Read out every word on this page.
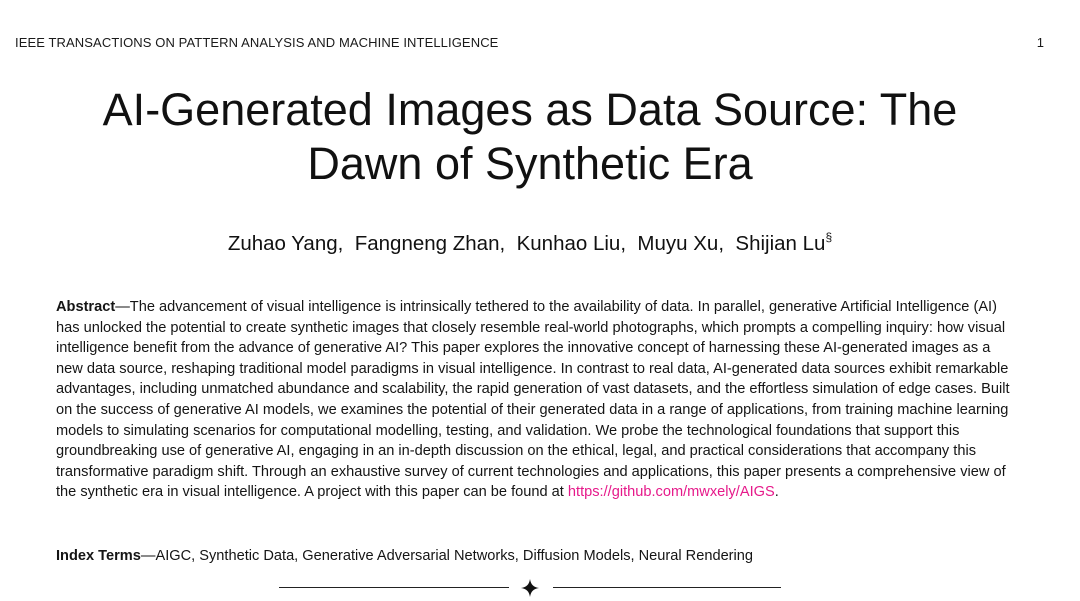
IEEE TRANSACTIONS ON PATTERN ANALYSIS AND MACHINE INTELLIGENCE	1
AI-Generated Images as Data Source: The
Dawn of Synthetic Era
Zuhao Yang,  Fangneng Zhan,  Kunhao Liu,  Muyu Xu,  Shijian Lu§

Abstract—The advancement of visual intelligence is intrinsically tethered to the availability of data. In parallel, generative Artificial Intelligence (AI) has unlocked the potential to create synthetic images that closely resemble real-world photographs, which prompts a compelling inquiry: how visual intelligence benefit from the advance of generative AI? This paper explores the innovative concept of harnessing these AI-generated images as a new data source, reshaping traditional model paradigms in visual intelligence. In contrast to real data, AI-generated data sources exhibit remarkable advantages, including unmatched abundance and scalability, the rapid generation of vast datasets, and the effortless simulation of edge cases. Built on the success of generative AI models, we examines the potential of their generated data in a range of applications, from training machine learning models to simulating scenarios for computational modelling, testing, and validation. We probe the technological foundations that support this groundbreaking use of generative AI, engaging in an in-depth discussion on the ethical, legal, and practical considerations that accompany this transformative paradigm shift. Through an exhaustive survey of current technologies and applications, this paper presents a comprehensive view of the synthetic era in visual intelligence. A project with this paper can be found at https://github.com/mwxely/AIGS.

Index Terms—AIGC, Synthetic Data, Generative Adversarial Networks, Diffusion Models, Neural Rendering
